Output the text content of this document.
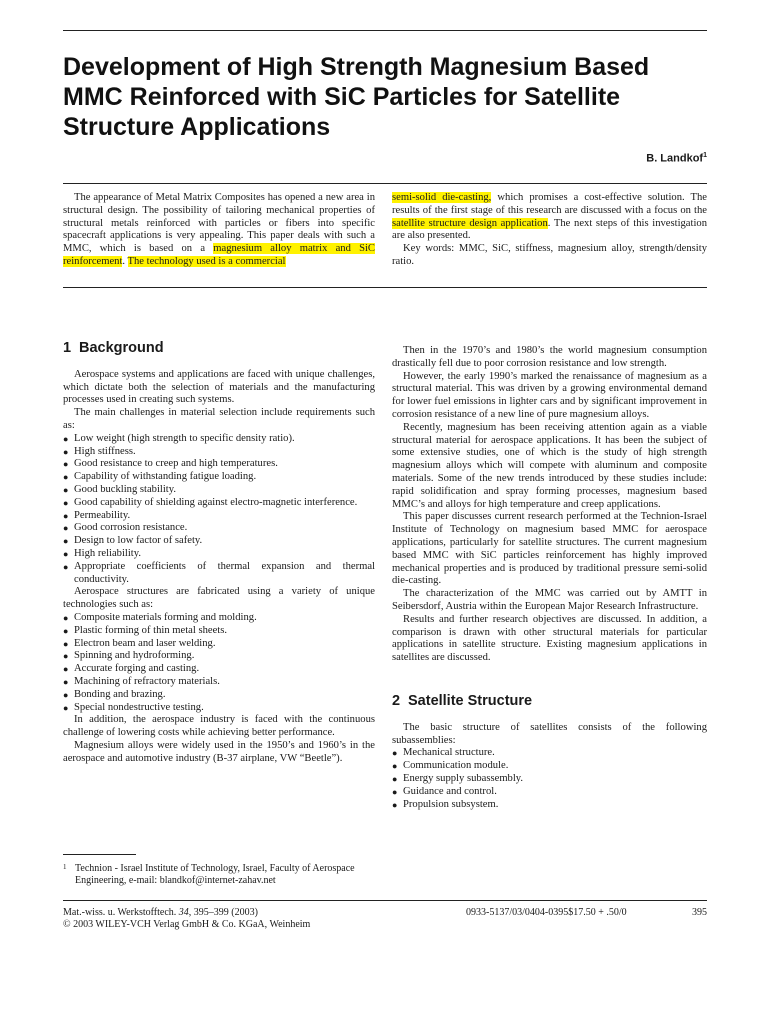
Development of High Strength Magnesium Based
MMC Reinforced with SiC Particles for Satellite
Structure Applications
B. Landkof$^1$

The appearance of Metal Matrix Composites has opened a new area in structural design. The possibility of tailoring mechanical properties of structural metals reinforced with particles or fibers into specific spacecraft applications is very appealing. This paper deals with such a MMC, which is based on a magnesium alloy matrix and SiC reinforcement. The technology used is a commercial

semi-solid die-casting, which promises a cost-effective solution. The results of the first stage of this research are discussed with a focus on the satellite structure design application. The next steps of this investigation are also presented.

Key words: MMC, SiC, stiffness, magnesium alloy, strength/density ratio.

1 Background

Aerospace systems and applications are faced with unique challenges, which dictate both the selection of materials and the manufacturing processes used in creating such systems.

The main challenges in material selection include requirements such as:

● Low weight (high strength to specific density ratio).
● High stiffness.
● Good resistance to creep and high temperatures.
● Capability of withstanding fatigue loading.
● Good buckling stability.
● Good capability of shielding against electro-magnetic interference.
● Permeability.
● Good corrosion resistance.
● Design to low factor of safety.
● High reliability.
● Appropriate coefficients of thermal expansion and thermal conductivity.

Aerospace structures are fabricated using a variety of unique technologies such as:

● Composite materials forming and molding.
● Plastic forming of thin metal sheets.
● Electron beam and laser welding.
● Spinning and hydroforming.
● Accurate forging and casting.
● Machining of refractory materials.
● Bonding and brazing.
● Special nondestructive testing.

In addition, the aerospace industry is faced with the continuous challenge of lowering costs while achieving better performance.

Magnesium alloys were widely used in the 1950’s and 1960’s in the aerospace and automotive industry (B-37 airplane, VW “Beetle”).

1 Technion - Israel Institute of Technology, Israel, Faculty of Aerospace Engineering, e-mail: blandkof@internet-zahav.net

Then in the 1970’s and 1980’s the world magnesium consumption drastically fell due to poor corrosion resistance and low strength.

However, the early 1990’s marked the renaissance of magnesium as a structural material. This was driven by a growing environmental demand for lower fuel emissions in lighter cars and by significant improvement in corrosion resistance of a new line of pure magnesium alloys.

Recently, magnesium has been receiving attention again as a viable structural material for aerospace applications. It has been the subject of some extensive studies, one of which is the study of high strength magnesium alloys which will compete with aluminum and composite materials. Some of the new trends introduced by these studies include: rapid solidification and spray forming processes, magnesium based MMC’s and alloys for high temperature and creep applications.

This paper discusses current research performed at the Technion-Israel Institute of Technology on magnesium based MMC for aerospace applications, particularly for satellite structures. The current magnesium based MMC with SiC particles reinforcement has highly improved mechanical properties and is produced by traditional pressure semi-solid die-casting.

The characterization of the MMC was carried out by AMTT in Seibersdorf, Austria within the European Major Research Infrastructure.

Results and further research objectives are discussed. In addition, a comparison is drawn with other structural materials for particular applications in satellite structure. Existing magnesium applications in satellites are discussed.

2 Satellite Structure

The basic structure of satellites consists of the following subassemblies:

● Mechanical structure.
● Communication module.
● Energy supply subassembly.
● Guidance and control.
● Propulsion subsystem.
Mat.-wiss. u. Werkstofftech. 34, 395–399 (2003)
© 2003 WILEY-VCH Verlag GmbH & Co. KGaA, Weinheim
0933-5137/03/0404-0395$17.50 + .50/0	395
